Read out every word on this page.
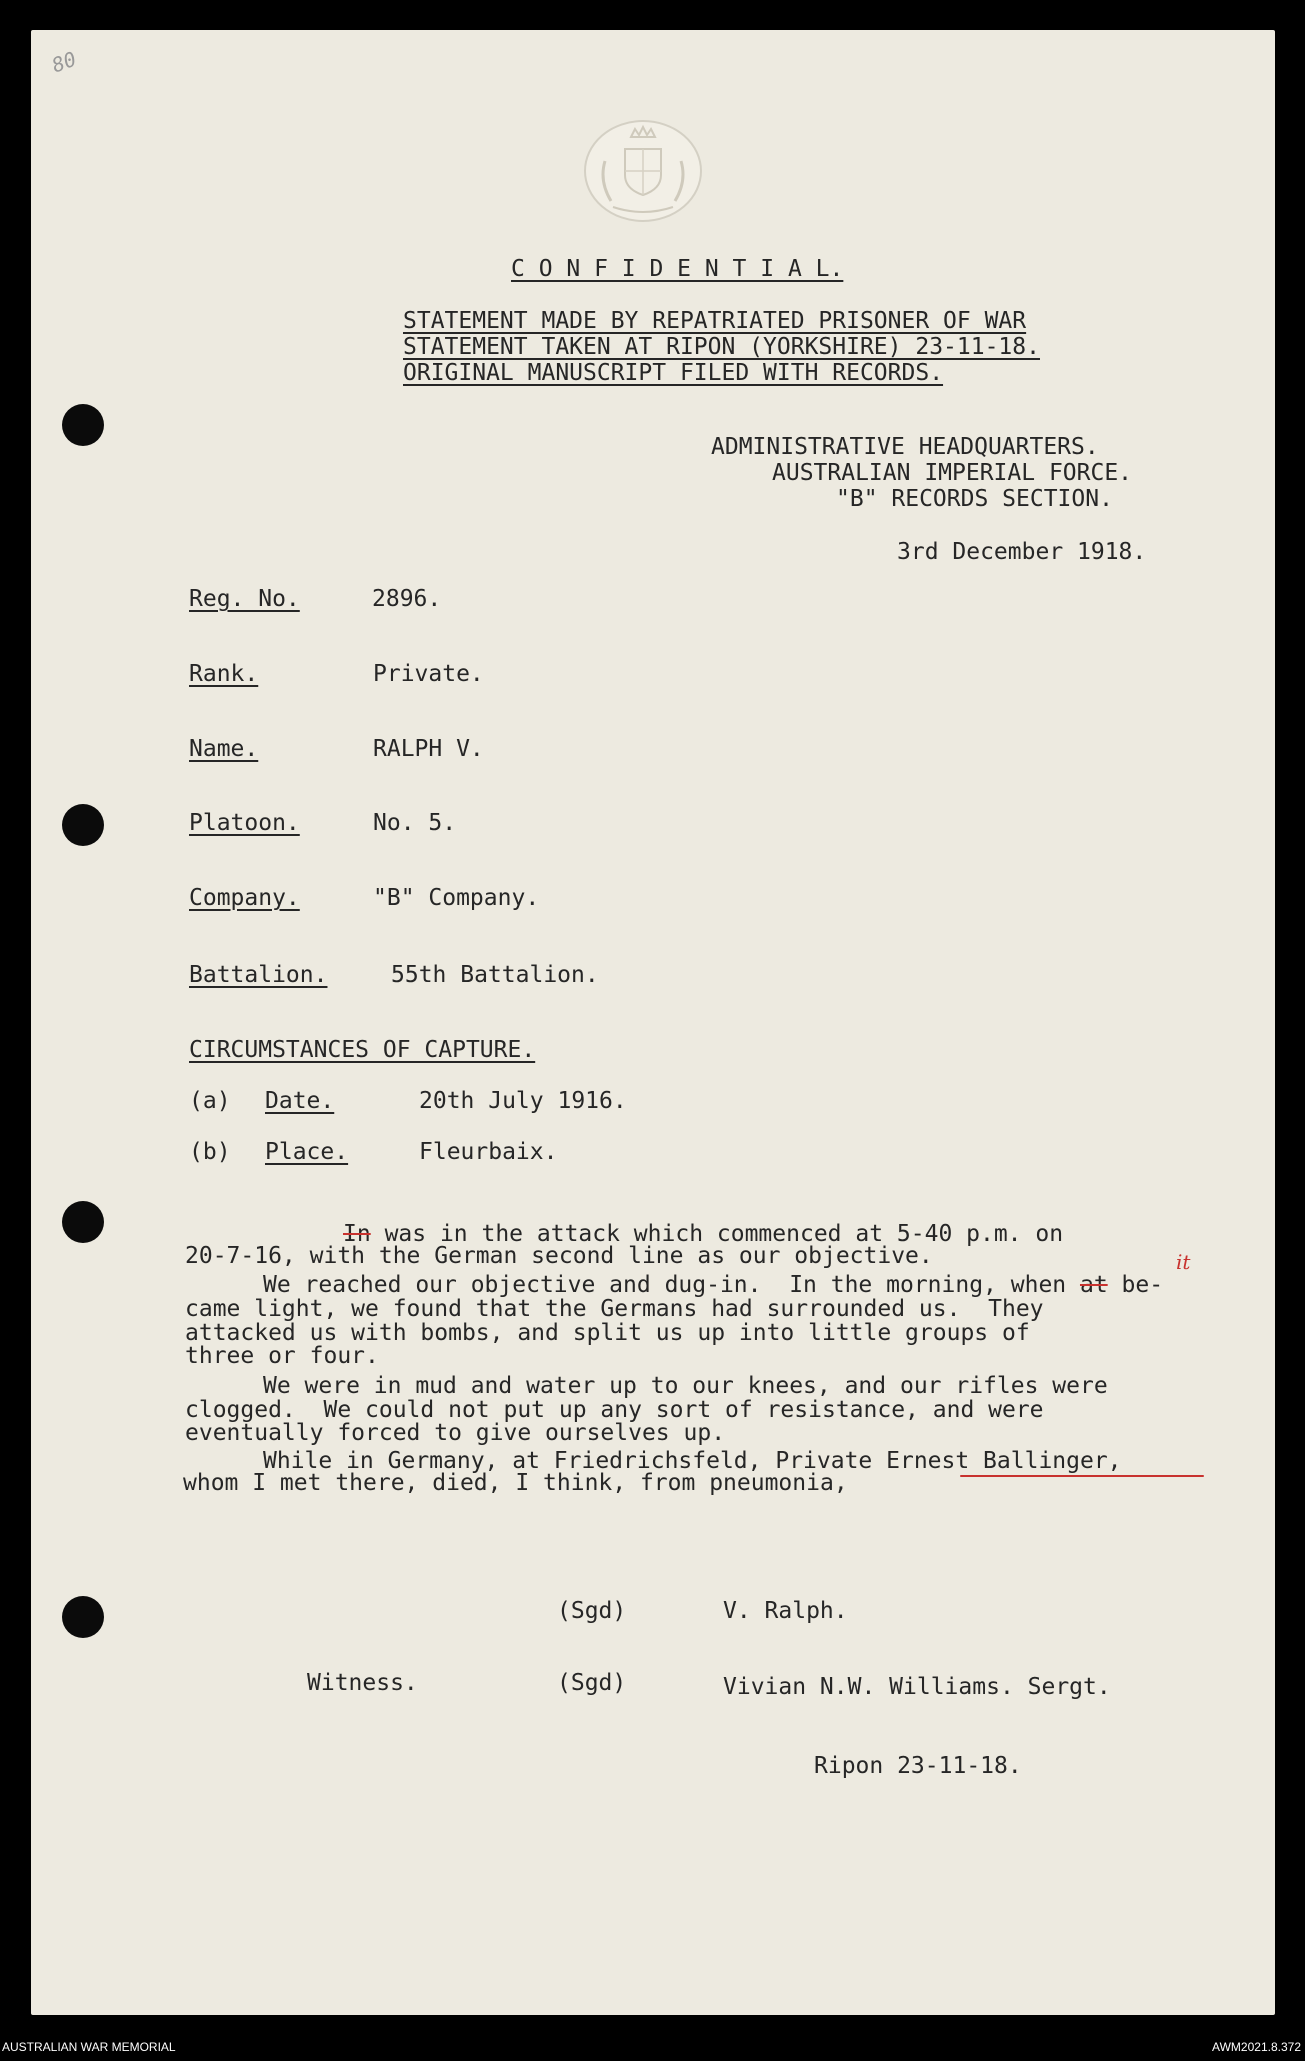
80
C O N F I D E N T I A L.
STATEMENT MADE BY REPATRIATED PRISONER OF WAR
STATEMENT TAKEN AT RIPON (YORKSHIRE) 23-11-18.
ORIGINAL MANUSCRIPT FILED WITH RECORDS.
ADMINISTRATIVE HEADQUARTERS.
AUSTRALIAN IMPERIAL FORCE.
"B" RECORDS SECTION.
3rd December 1918.
Reg. No.	2896.
Rank.	Private.
Name.	RALPH V.
Platoon.	No. 5.
Company.	"B" Company.
Battalion.	55th Battalion.
CIRCUMSTANCES OF CAPTURE.
(a) Date.	20th July 1916.
(b) Place.	Fleurbaix.
In was in the attack which commenced at 5-40 p.m. on
20-7-16, with the German second line as our objective.
We reached our objective and dug-in.  In the morning, when at be-
it
came light, we found that the Germans had surrounded us.  They
attacked us with bombs, and split us up into little groups of
three or four.
We were in mud and water up to our knees, and our rifles were
clogged.  We could not put up any sort of resistance, and were
eventually forced to give ourselves up.
While in Germany, at Friedrichsfeld, Private Ernest Ballinger,
whom I met there, died, I think, from pneumonia,
(Sgd)	V. Ralph.
Witness.	(Sgd)	Vivian N.W. Williams. Sergt.
Ripon 23-11-18.
AUSTRALIAN WAR MEMORIAL	AWM2021.8.372
